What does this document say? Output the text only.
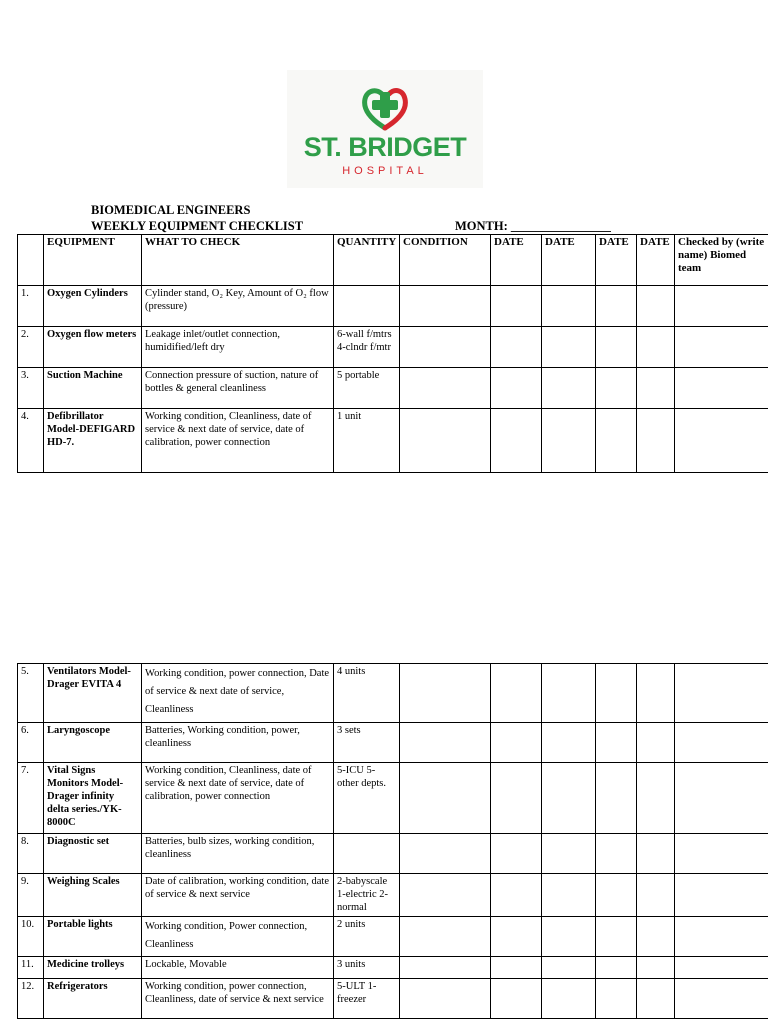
ST. BRIDGET
HOSPITAL
BIOMEDICAL ENGINEERS
WEEKLY EQUIPMENT CHECKLIST	MONTH: ________________
	EQUIPMENT	WHAT TO CHECK	QUANTITY	CONDITION	DATE	DATE	DATE	DATE	Checked by (write name) Biomed team
1.	Oxygen Cylinders	Cylinder stand, O₂ Key, Amount of O₂ flow (pressure)							
2.	Oxygen flow meters	Leakage inlet/outlet connection, humidified/left dry	6-wall f/mtrs 4-clndr f/mtr						
3.	Suction Machine	Connection pressure of suction, nature of bottles & general cleanliness	5 portable						
4.	Defibrillator Model-DEFIGARD HD-7.	Working condition, Cleanliness, date of service & next date of service, date of calibration, power connection	1 unit						
5.	Ventilators Model-Drager EVITA 4	Working condition, power connection, Date of service & next date of service, Cleanliness	4 units						
6.	Laryngoscope	Batteries, Working condition, power, cleanliness	3 sets						
7.	Vital Signs Monitors Model-Drager infinity delta series./YK-8000C	Working condition, Cleanliness, date of service & next date of service, date of calibration, power connection	5-ICU 5-other depts.						
8.	Diagnostic set	Batteries, bulb sizes, working condition, cleanliness							
9.	Weighing Scales	Date of calibration, working condition, date of service & next service	2-babyscale 1-electric 2-normal						
10.	Portable lights	Working condition, Power connection, Cleanliness	2 units						
11.	Medicine trolleys	Lockable, Movable	3 units						
12.	Refrigerators	Working condition, power connection, Cleanliness, date of service & next service	5-ULT 1-freezer						
